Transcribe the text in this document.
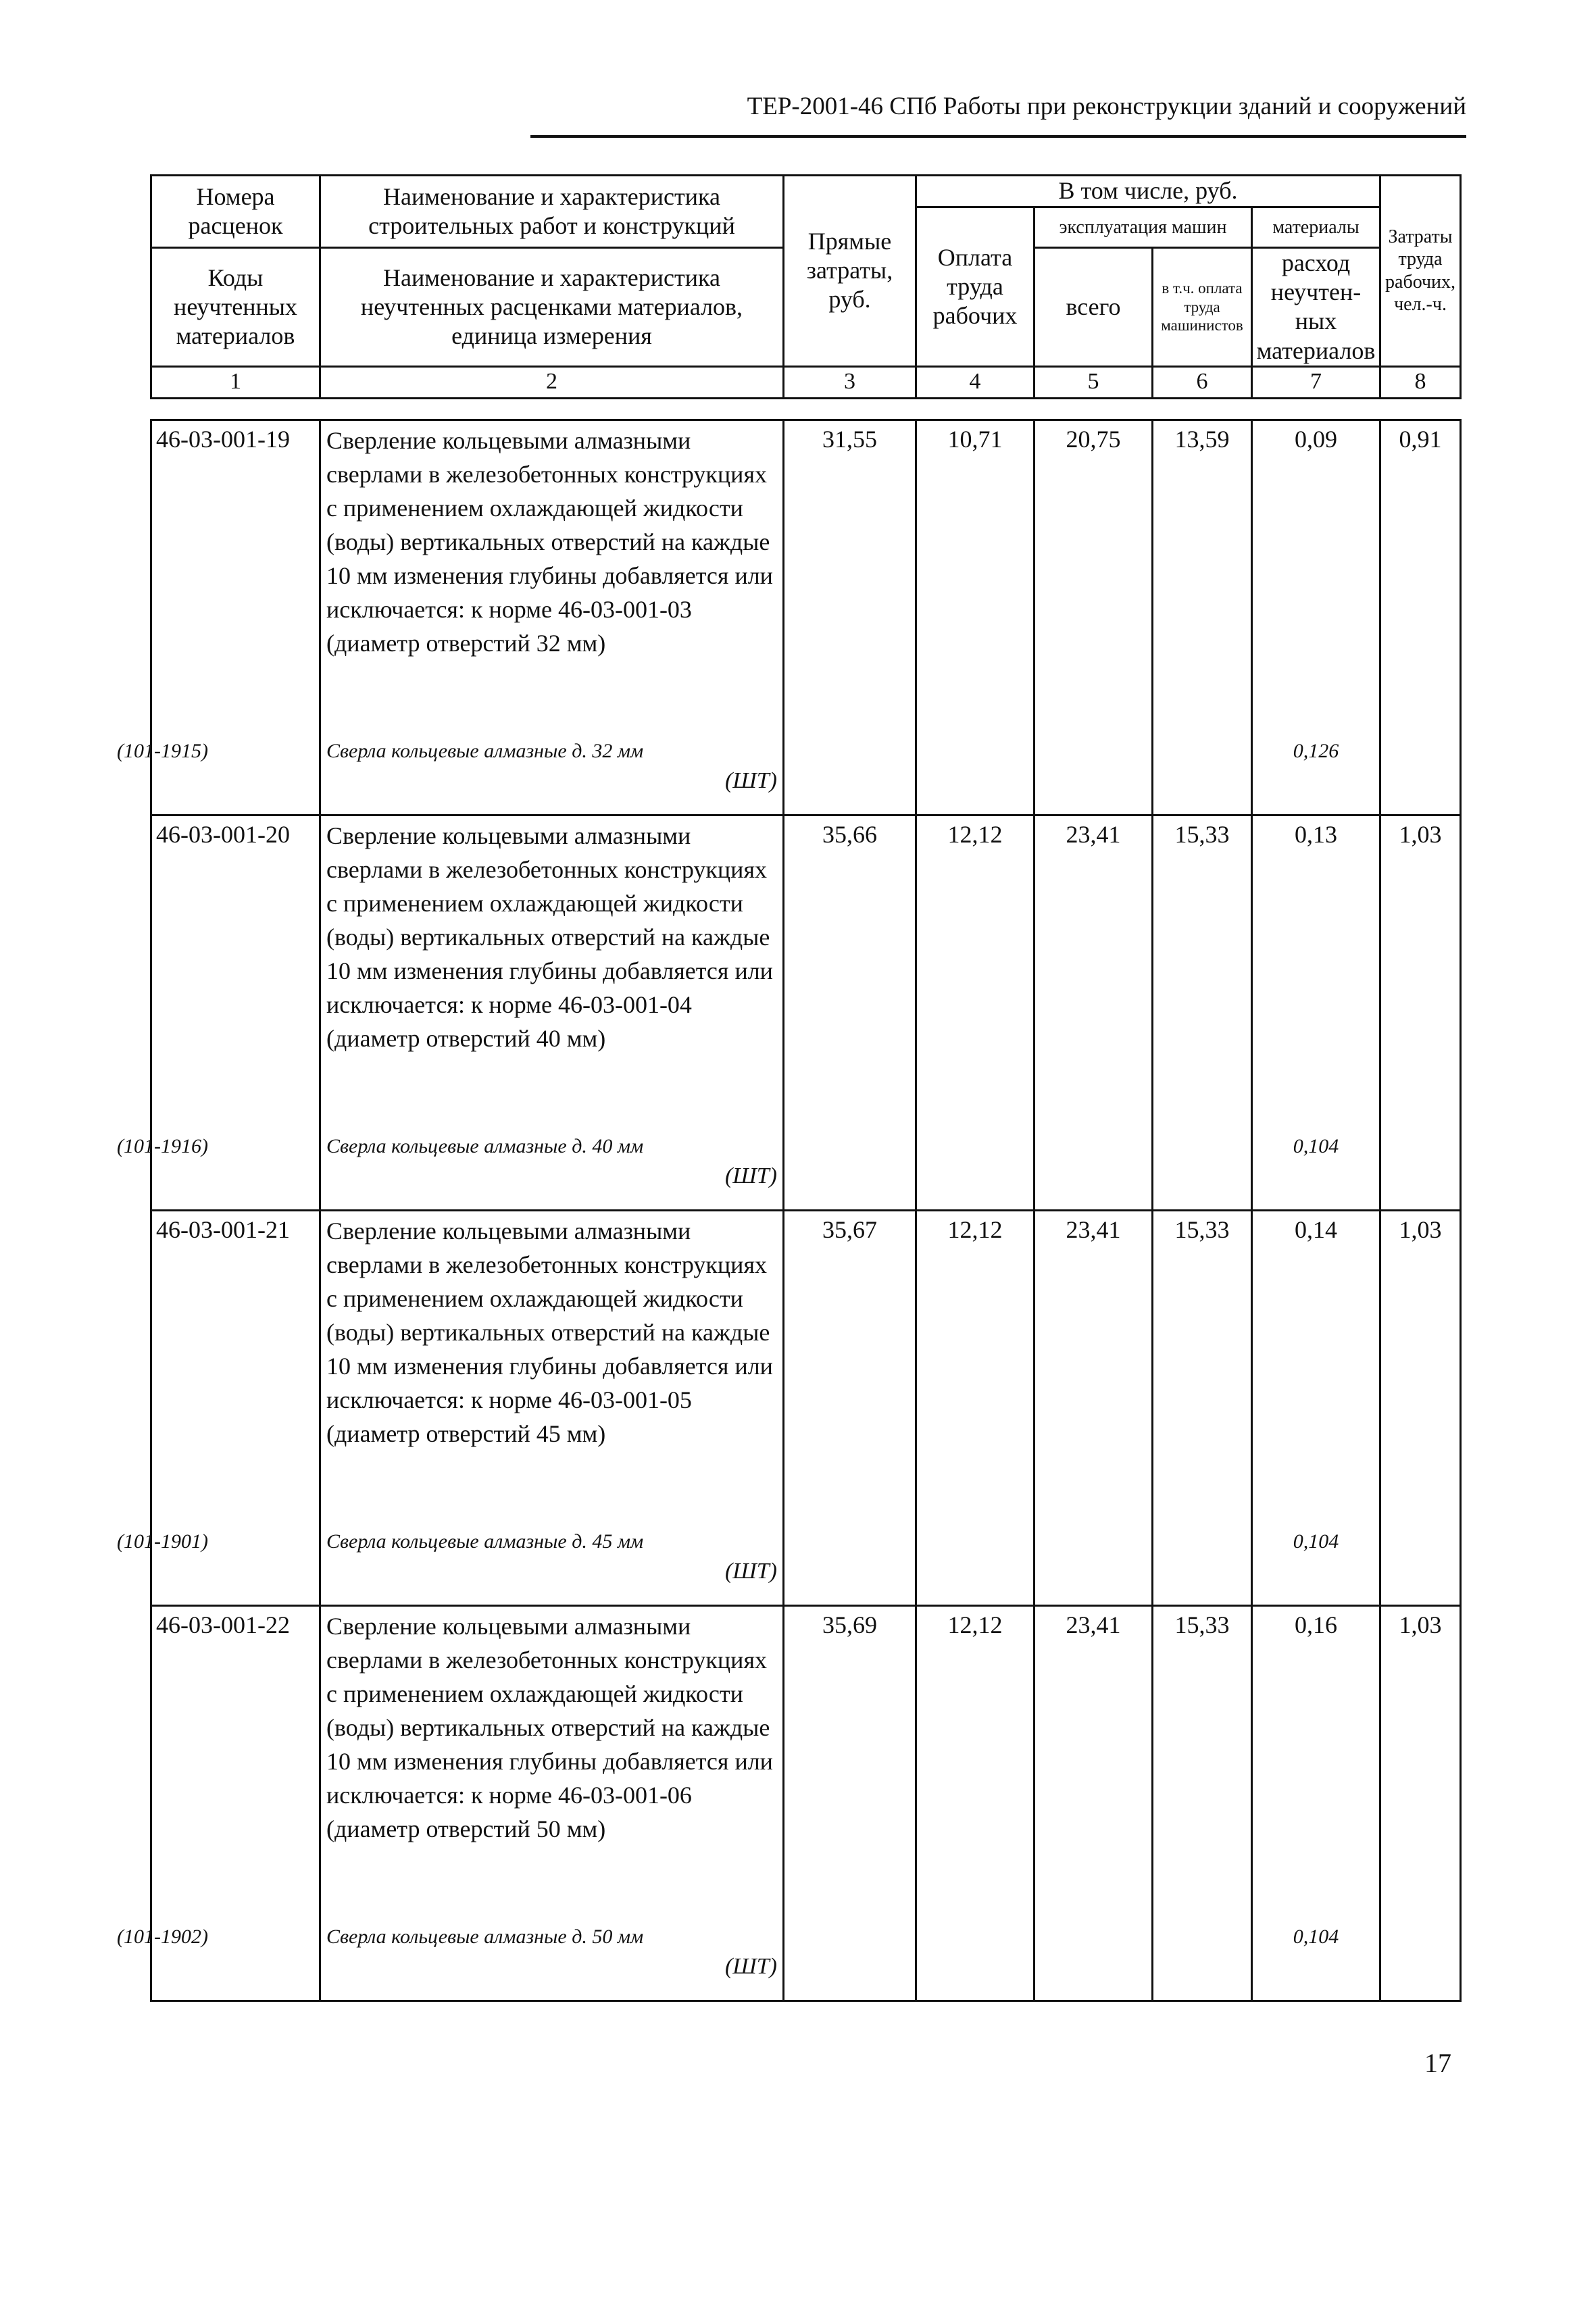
ТЕР-2001-46 СПб Работы при реконструкции зданий и сооружений
Номера расценок	Наименование и характеристика строительных работ и конструкций	Прямые затраты, руб.	В том числе, руб.				Затраты труда рабочих, чел.-ч.
			Оплата труда рабочих	эксплуатация машин		материалы	
Коды неучтенных материалов	Наименование и характеристика неучтенных расценками материалов, единица измерения			всего	в т.ч. оплата труда машинистов	расход неучтен-ных материалов	

1	2	3	4	5	6	7	8
46-03-001-19	Сверление кольцевыми алмазными сверлами в железобетонных конструкциях с применением охлаждающей жидкости (воды) вертикальных отверстий на каждые 10 мм изменения глубины добавляется или исключается: к норме 46-03-001-03 (диаметр отверстий 32 мм)	31,55	10,71	20,75	13,59	0,09	0,91
(101-1915)	Сверла кольцевые алмазные д. 32 мм
(ШТ)					0,126	
46-03-001-20	Сверление кольцевыми алмазными сверлами в железобетонных конструкциях с применением охлаждающей жидкости (воды) вертикальных отверстий на каждые 10 мм изменения глубины добавляется или исключается: к норме 46-03-001-04 (диаметр отверстий 40 мм)	35,66	12,12	23,41	15,33	0,13	1,03
(101-1916)	Сверла кольцевые алмазные д. 40 мм
(ШТ)					0,104	
46-03-001-21	Сверление кольцевыми алмазными сверлами в железобетонных конструкциях с применением охлаждающей жидкости (воды) вертикальных отверстий на каждые 10 мм изменения глубины добавляется или исключается: к норме 46-03-001-05 (диаметр отверстий 45 мм)	35,67	12,12	23,41	15,33	0,14	1,03
(101-1901)	Сверла кольцевые алмазные д. 45 мм
(ШТ)					0,104	
46-03-001-22	Сверление кольцевыми алмазными сверлами в железобетонных конструкциях с применением охлаждающей жидкости (воды) вертикальных отверстий на каждые 10 мм изменения глубины добавляется или исключается: к норме 46-03-001-06 (диаметр отверстий 50 мм)	35,69	12,12	23,41	15,33	0,16	1,03
(101-1902)	Сверла кольцевые алмазные д. 50 мм
(ШТ)					0,104	
17
